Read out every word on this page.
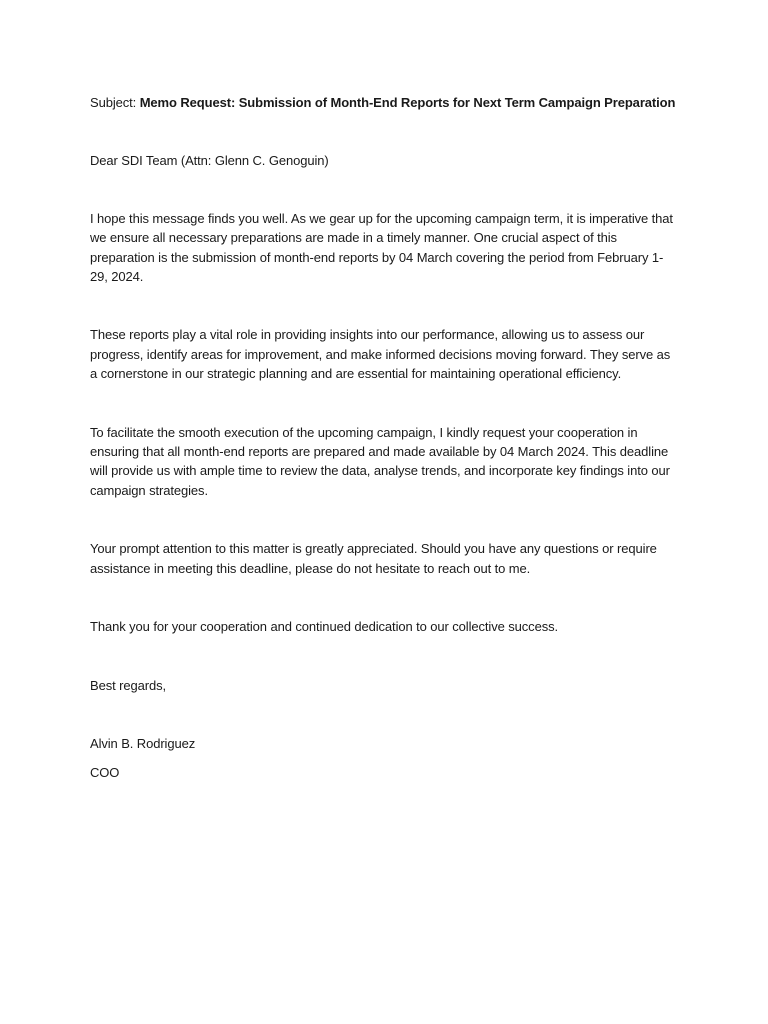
Subject: Memo Request: Submission of Month-End Reports for Next Term Campaign Preparation

Dear SDI Team (Attn: Glenn C. Genoguin)

I hope this message finds you well. As we gear up for the upcoming campaign term, it is imperative that we ensure all necessary preparations are made in a timely manner. One crucial aspect of this preparation is the submission of month-end reports by 04 March covering the period from February 1-29, 2024.

These reports play a vital role in providing insights into our performance, allowing us to assess our progress, identify areas for improvement, and make informed decisions moving forward. They serve as a cornerstone in our strategic planning and are essential for maintaining operational efficiency.

To facilitate the smooth execution of the upcoming campaign, I kindly request your cooperation in ensuring that all month-end reports are prepared and made available by 04 March 2024. This deadline will provide us with ample time to review the data, analyse trends, and incorporate key findings into our campaign strategies.

Your prompt attention to this matter is greatly appreciated. Should you have any questions or require assistance in meeting this deadline, please do not hesitate to reach out to me.

Thank you for your cooperation and continued dedication to our collective success.

Best regards,

Alvin B. Rodriguez

COO
